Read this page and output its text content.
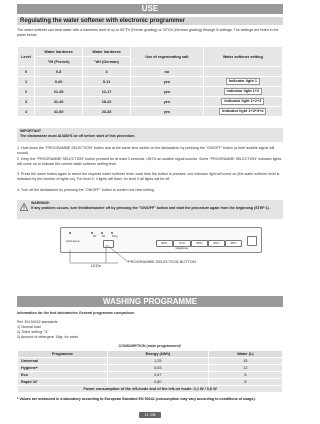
USE
Regulating the water softener with electronic programmer
The water softener can treat water with a hardness level of up to 60°Fh (French grading) or 33°Dh (German grading) through 5 settings. The settings are listed in the panel below:
Level	Water hardness	Water hardness	Use of regenerating salt	Water softener setting
	°fH (French)	°dH (German)		
0	0-8	4	no	
1	9-20	5-11	yes	Indicator light 1
2	21-30	12-17	yes	Indicator light 1+2
3	31-40	18-22	yes	Indicator light 1+2+3
4	41-60	23-33	yes	Indicator light 1+2+3+4
IMPORTANT
The dishwasher must ALWAYS be off before start of this procedure.
1. Hold down the "PROGRAMME SELECTION" button and at the same time switch on the dishwasher by pressing the "ON/OFF" button (a brief audible signal will sound).
2. Keep the "PROGRAMME SELECTION" button pressed for at least 3 seconds, UNTIL an audible signal sounds. Some "PROGRAMME SELECTION" indicator lights will come on to indicate the current water softener setting level.
3. Press the same button again to select the required water softener level: each time the button is pressed, one indicator light will come on (the water softener level is indicated by the number of lights on). For level 0, 4 lights will flash, for level 0 all lights will be off.
4. Turn off the dishwasher by pressing the "ON/OFF" button to confirm the new setting.
WARNING!
If any problem occurs, turn theditshwasher off by pressing the "ON/OFF" button and start the procedure again from the beginning (STEP 1).
AAA Aqua
90' 60'	Prog
90'C	70'C Hygiene+
65'C	60'C	45'C
LEDs
PROGRAMME SELECTION BUTTON
WASHING PROGRAMME
Information for the test laboratories General programme comparison
Ref. EN 50242 standards:
1) Normal load
2) Shine setting: "4"
3) Amount of detergent: 18gr. for wash
CONSUMPTION (main programmes)*
Programme	Energy (kWh)	Water (L)
Universal	1,25	15
Hygiene+	0,83	12
Eco	0,67	8
Rapid 32'	0,80	8
Power consumption of the off-mode and of the left-on mode: 0,1 W / 0,8 W		
* Values are measured in a laboratory according to European Standard EN 50242 (consumption may vary according to conditions of usage).
11 GB
